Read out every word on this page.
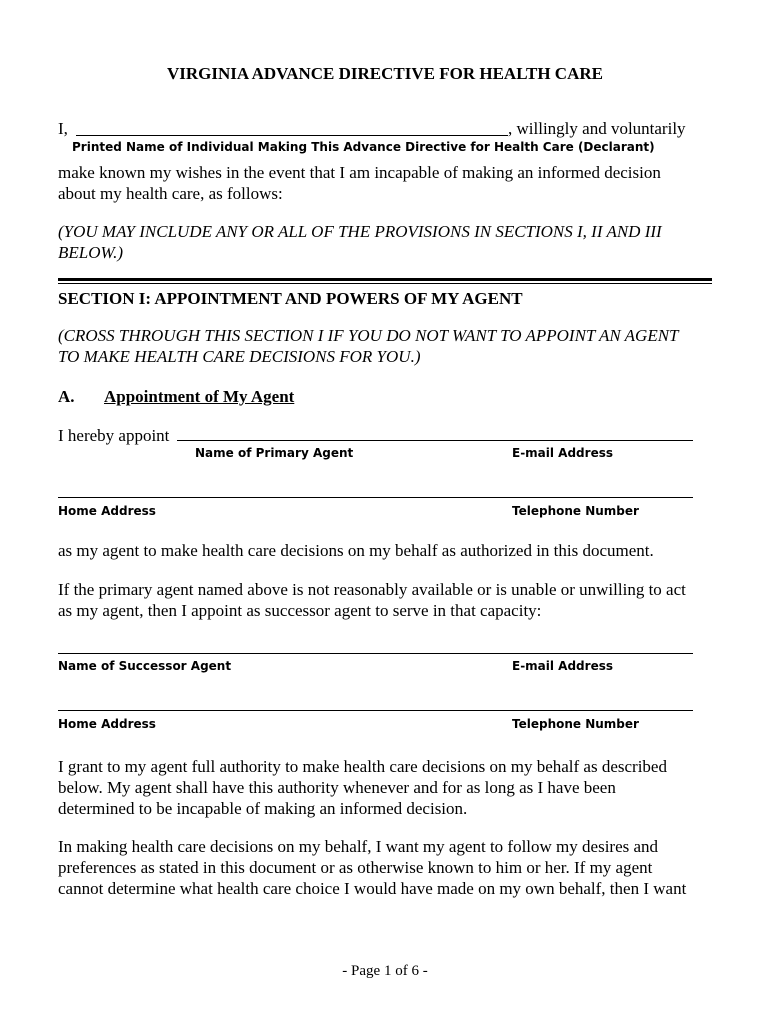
VIRGINIA ADVANCE DIRECTIVE FOR HEALTH CARE
I,	, willingly and voluntarily
Printed Name of Individual Making This Advance Directive for Health Care (Declarant)
make known my wishes in the event that I am incapable of making an informed decision
about my health care, as follows:
(YOU MAY INCLUDE ANY OR ALL OF THE PROVISIONS IN SECTIONS I, II AND III
BELOW.)
SECTION I: APPOINTMENT AND POWERS OF MY AGENT
(CROSS THROUGH THIS SECTION I IF YOU DO NOT WANT TO APPOINT AN AGENT
TO MAKE HEALTH CARE DECISIONS FOR YOU.)
A. Appointment of My Agent
I hereby appoint
Name of Primary Agent	E-mail Address
Home Address	Telephone Number
as my agent to make health care decisions on my behalf as authorized in this document.
If the primary agent named above is not reasonably available or is unable or unwilling to act
as my agent, then I appoint as successor agent to serve in that capacity:
Name of Successor Agent	E-mail Address
Home Address	Telephone Number
I grant to my agent full authority to make health care decisions on my behalf as described
below. My agent shall have this authority whenever and for as long as I have been
determined to be incapable of making an informed decision.
In making health care decisions on my behalf, I want my agent to follow my desires and
preferences as stated in this document or as otherwise known to him or her. If my agent
cannot determine what health care choice I would have made on my own behalf, then I want
- Page 1 of 6 -
